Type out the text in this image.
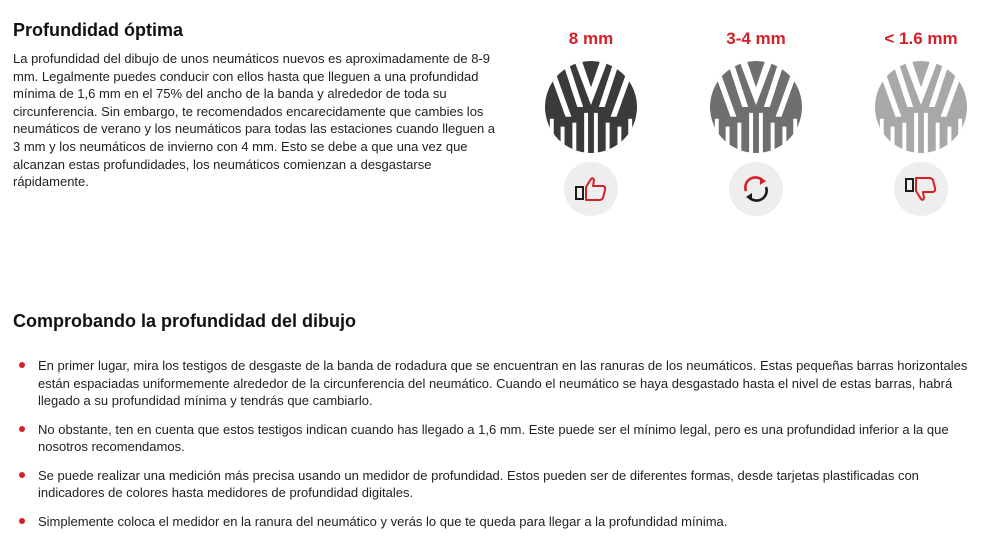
Profundidad óptima

La profundidad del dibujo de unos neumáticos nuevos es aproximadamente de 8-9 mm. Legalmente puedes conducir con ellos hasta que lleguen a una profundidad mínima de 1,6 mm en el 75% del ancho de la banda y alrededor de toda su circunferencia. Sin embargo, te recomendados encarecidamente que cambies los neumáticos de verano y los neumáticos para todas las estaciones cuando lleguen a 3 mm y los neumáticos de invierno con 4 mm. Esto se debe a que una vez que alcanzan estas profundidades, los neumáticos comienzan a desgastarse rápidamente.

8 mm	3-4 mm	< 1.6 mm
Comprobando la profundidad del dibujo
En primer lugar, mira los testigos de desgaste de la banda de rodadura que se encuentran en las ranuras de los neumáticos. Estas pequeñas barras horizontales están espaciadas uniformemente alrededor de la circunferencia del neumático. Cuando el neumático se haya desgastado hasta el nivel de estas barras, habrá llegado a su profundidad mínima y tendrás que cambiarlo.
No obstante, ten en cuenta que estos testigos indican cuando has llegado a 1,6 mm. Este puede ser el mínimo legal, pero es una profundidad inferior a la que nosotros recomendamos.
Se puede realizar una medición más precisa usando un medidor de profundidad. Estos pueden ser de diferentes formas, desde tarjetas plastificadas con indicadores de colores hasta medidores de profundidad digitales.
Simplemente coloca el medidor en la ranura del neumático y verás lo que te queda para llegar a la profundidad mínima.
